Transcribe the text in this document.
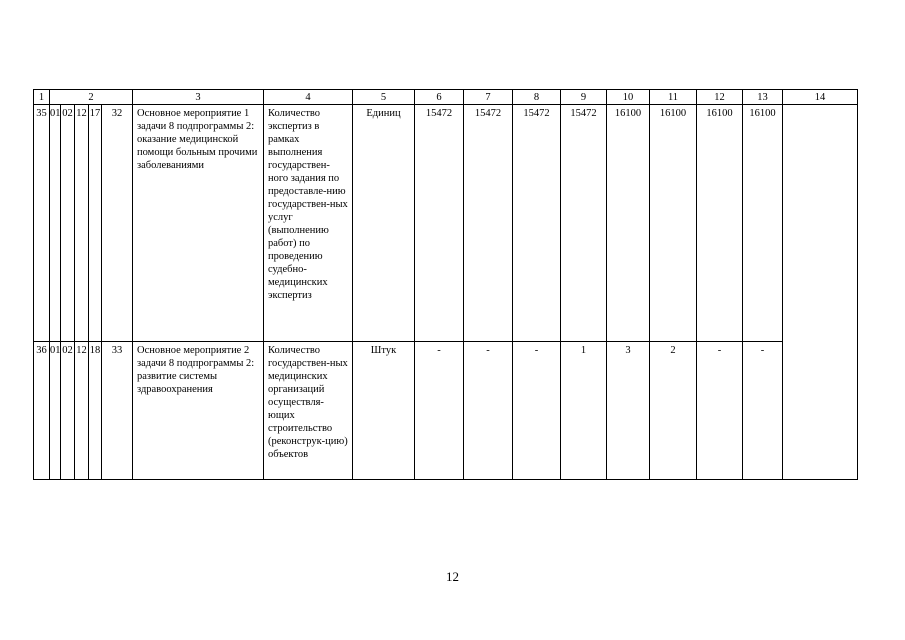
1	2					3	4	5	6	7	8	9	10	11	12	13	14
35	01	02	12	17	32	Основное мероприятие 1 задачи 8 подпрограммы 2: оказание медицинской помощи больным прочими заболеваниями	Количество экспертиз в рамках выполнения государствен-ного задания по предоставле-нию государствен-ных услуг (выполнению работ) по проведению судебно-медицинских экспертиз	Единиц	15472	15472	15472	15472	16100	16100	16100	16100	
36	01	02	12	18	33	Основное мероприятие 2 задачи 8 подпрограммы 2: развитие системы здравоохранения	Количество государствен-ных медицинских организаций осуществля-ющих строительство (реконструк-цию) объектов	Штук	-	-	-	1	3	2	-	-	
12
